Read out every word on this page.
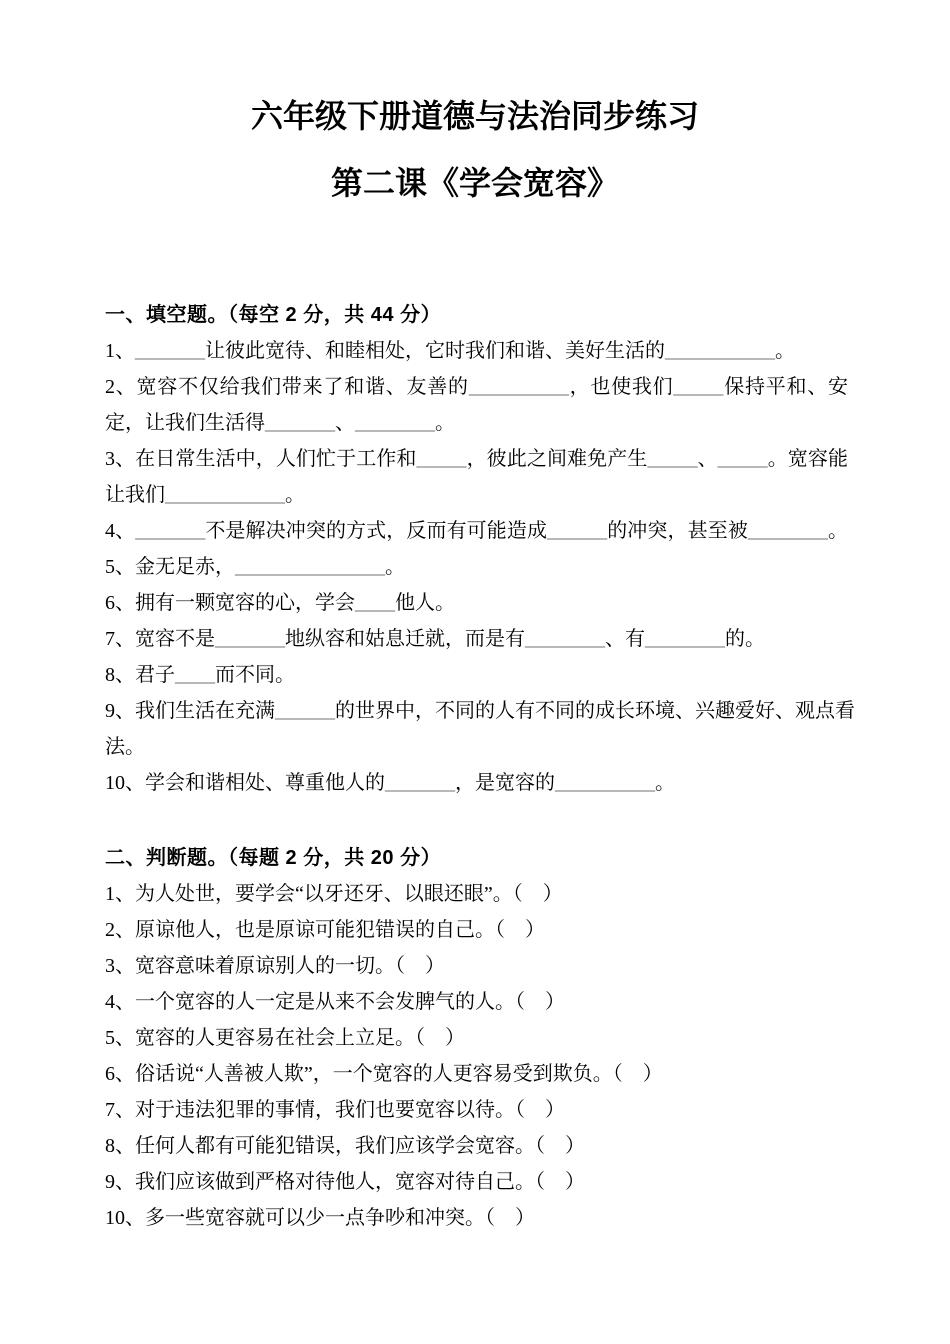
六年级下册道德与法治同步练习
第二课《学会宽容》
一、填空题。（每空 2 分，共 44 分）
1、_______让彼此宽待、和睦相处，它时我们和谐、美好生活的___________。
2、宽容不仅给我们带来了和谐、友善的__________，也使我们_____保持平和、安
定，让我们生活得_______、________。
3、在日常生活中，人们忙于工作和_____，彼此之间难免产生_____、_____。宽容能
让我们____________。
4、_______不是解决冲突的方式，反而有可能造成______的冲突，甚至被________。
5、金无足赤，_______________。
6、拥有一颗宽容的心，学会____他人。
7、宽容不是_______地纵容和姑息迁就，而是有________、有________的。
8、君子____而不同。
9、我们生活在充满______的世界中，不同的人有不同的成长环境、兴趣爱好、观点看
法。
10、学会和谐相处、尊重他人的_______，是宽容的__________。
二、判断题。（每题 2 分，共 20 分）
1、为人处世，要学会“以牙还牙、以眼还眼”。（　）
2、原谅他人，也是原谅可能犯错误的自己。（　）
3、宽容意味着原谅别人的一切。（　）
4、一个宽容的人一定是从来不会发脾气的人。（　）
5、宽容的人更容易在社会上立足。（　）
6、俗话说“人善被人欺”，一个宽容的人更容易受到欺负。（　）
7、对于违法犯罪的事情，我们也要宽容以待。（　）
8、任何人都有可能犯错误，我们应该学会宽容。（　）
9、我们应该做到严格对待他人，宽容对待自己。（　）
10、多一些宽容就可以少一点争吵和冲突。（　）
